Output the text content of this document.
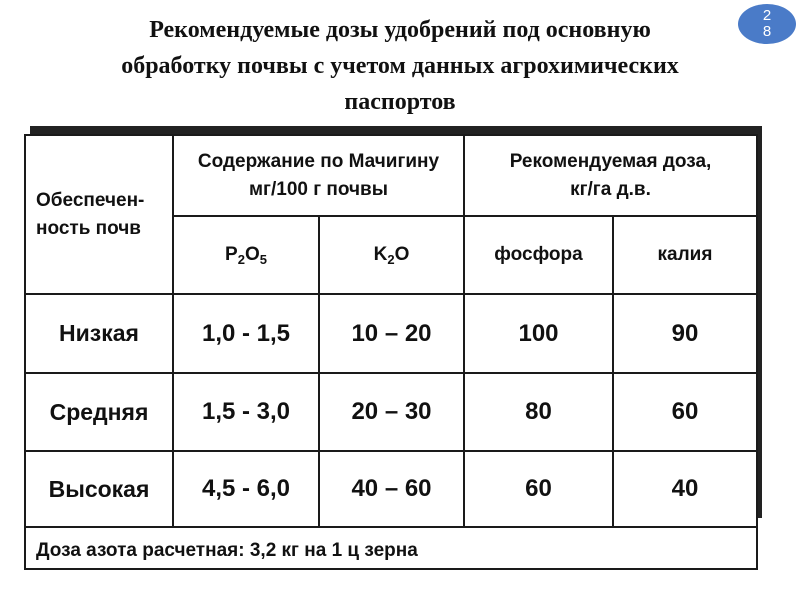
Рекомендуемые дозы удобрений под основную
обработку почвы с учетом данных агрохимических
паспортов
2
8
Обеспечен-
ность почв
Содержание по Мачигину
мг/100 г почвы
Рекомендуемая доза,
кг/га д.в.
P 2 O 5	K 2 O	фосфора	калия
Низкая	1,0 - 1,5	10 – 20	100	90
Средняя	1,5 - 3,0	20 – 30	80	60
Высокая	4,5 - 6,0	40 – 60	60	40
Доза азота расчетная: 3,2 кг на 1 ц зерна
